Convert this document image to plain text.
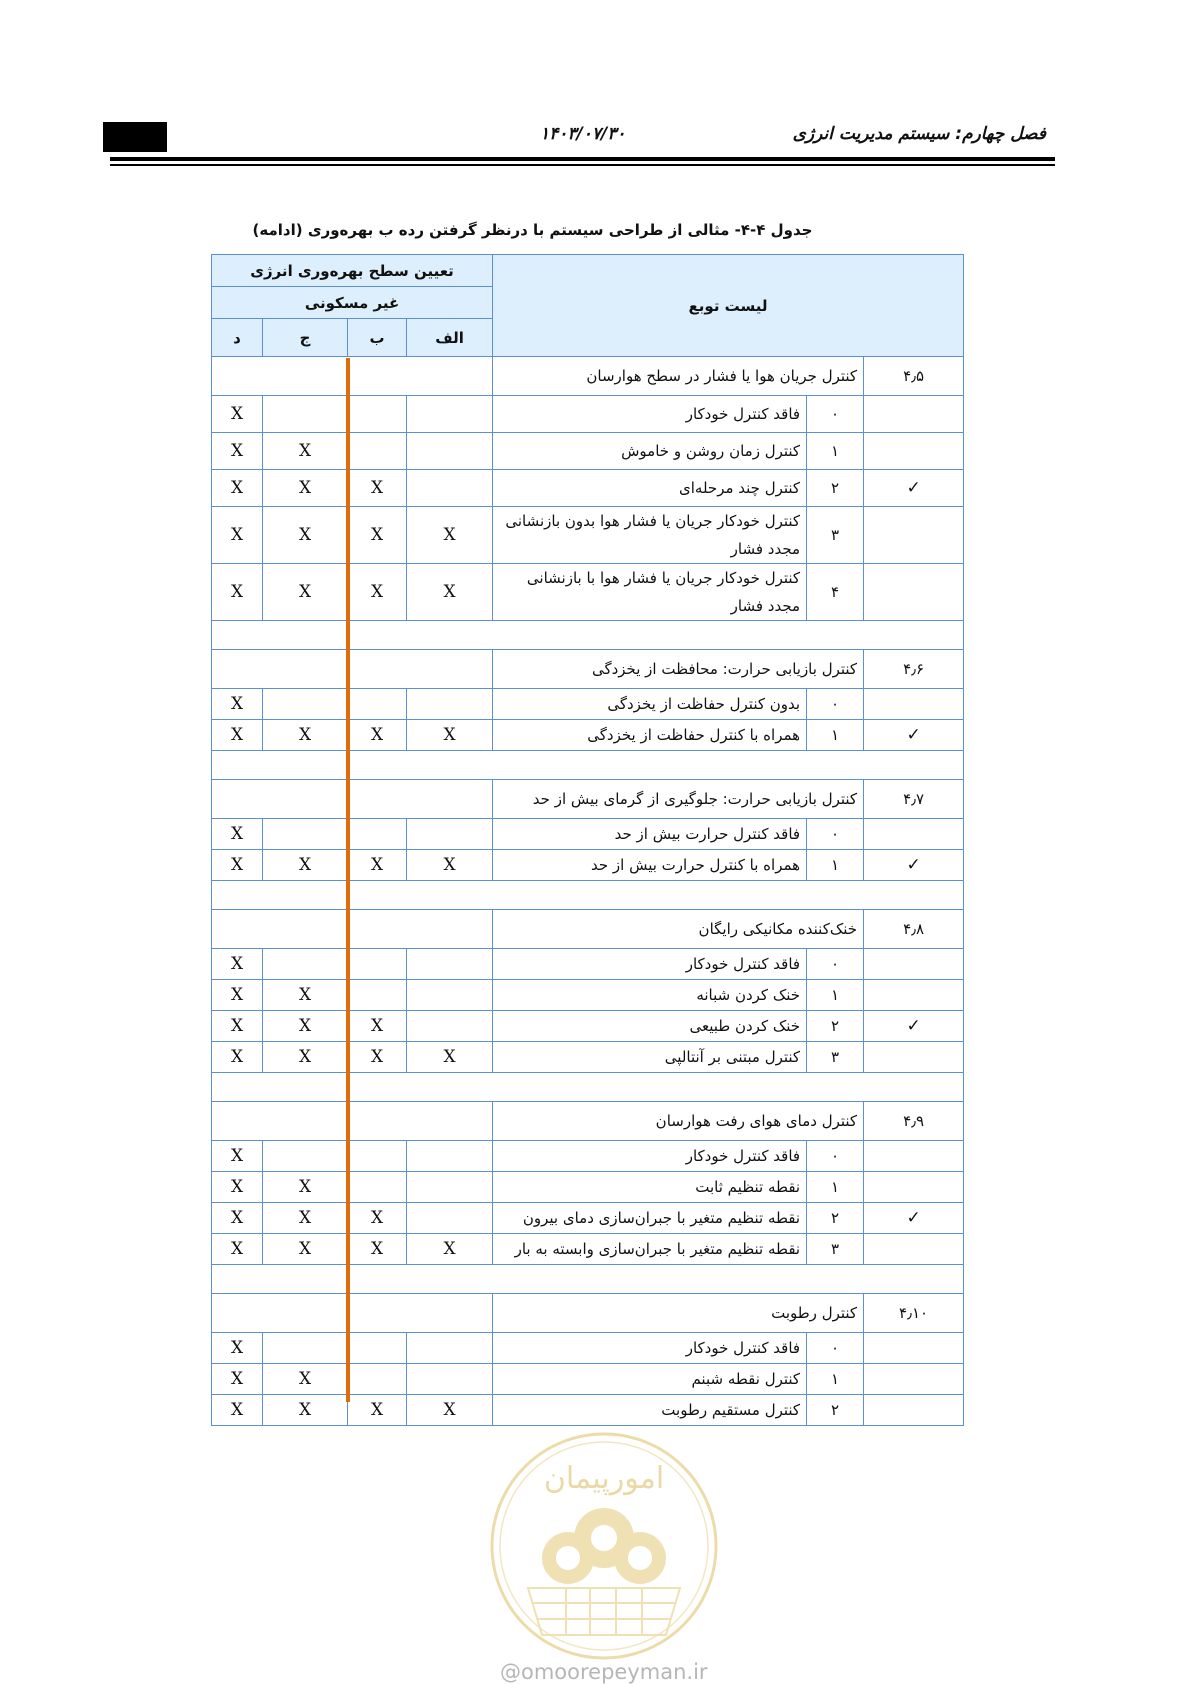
۱۴۰۳/۰۷/۳۰	فصل چهارم: سیستم مدیریت انرژی
جدول ۴-۴- مثالی از طراحی سیستم با درنظر گرفتن رده ب بهره‌وری (ادامه)
لیست توبع			تعیین سطح بهره‌وری انرژی			
			غیر مسکونی			
			الف	ب	ج	د
۴٫۵	کنترل جریان هوا یا فشار در سطح هوارسان					
	۰	فاقد کنترل خودکار				X
	۱	کنترل زمان روشن و خاموش			X	X
✓	۲	کنترل چند مرحله‌ای		X	X	X
	۳	کنترل خودکار جریان یا فشار هوا بدون بازنشانی مجدد فشار	X	X	X	X
	۴	کنترل خودکار جریان یا فشار هوا با بازنشانی مجدد فشار	X	X	X	X

۴٫۶	کنترل بازیابی حرارت: محافظت از یخزدگی					
	۰	بدون کنترل حفاظت از یخزدگی				X
✓	۱	همراه با کنترل حفاظت از یخزدگی	X	X	X	X

۴٫۷	کنترل بازیابی حرارت: جلوگیری از گرمای بیش از حد					
	۰	فاقد کنترل حرارت بیش از حد				X
✓	۱	همراه با کنترل حرارت بیش از حد	X	X	X	X

۴٫۸	خنک‌کننده مکانیکی رایگان					
	۰	فاقد کنترل خودکار				X
	۱	خنک کردن شبانه			X	X
✓	۲	خنک کردن طبیعی		X	X	X
	۳	کنترل مبتنی بر آنتالپی	X	X	X	X

۴٫۹	کنترل دمای هوای رفت هوارسان					
	۰	فاقد کنترل خودکار				X
	۱	نقطه تنظیم ثابت			X	X
✓	۲	نقطه تنظیم متغیر با جبران‌سازی دمای بیرون		X	X	X
	۳	نقطه تنظیم متغیر با جبران‌سازی وابسته به بار	X	X	X	X

۴٫۱۰	کنترل رطوبت					
	۰	فاقد کنترل خودکار				X
	۱	کنترل نقطه شبنم			X	X
	۲	کنترل مستقیم رطوبت	X	X	X	X
امورپیمان
@omoorepeyman.ir
